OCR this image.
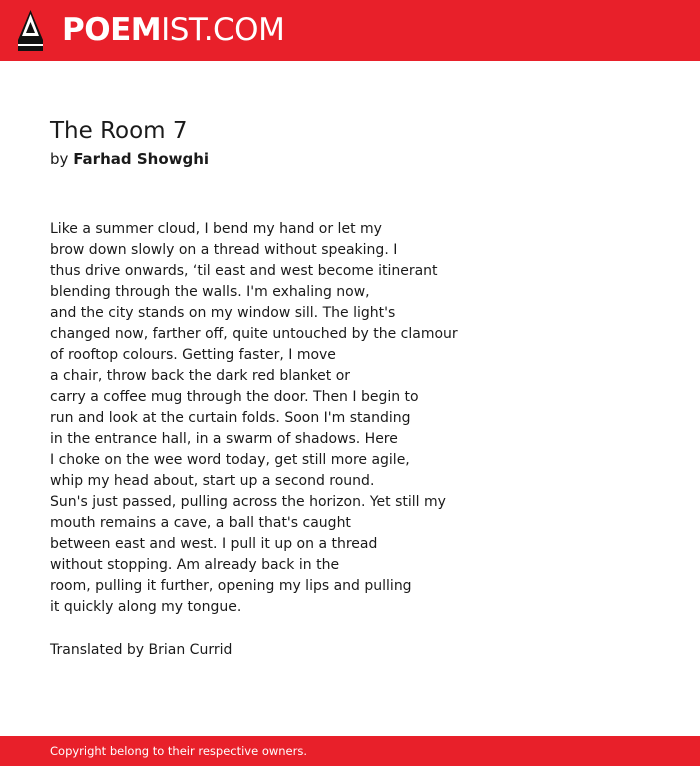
POEMIST.COM
The Room 7
by Farhad Showghi
Like a summer cloud, I bend my hand or let my
brow down slowly on a thread without speaking. I
thus drive onwards, ‘til east and west become itinerant
blending through the walls. I'm exhaling now,
and the city stands on my window sill. The light's
changed now, farther off, quite untouched by the clamour
of rooftop colours. Getting faster, I move
a chair, throw back the dark red blanket or
carry a coffee mug through the door. Then I begin to
run and look at the curtain folds. Soon I'm standing
in the entrance hall, in a swarm of shadows. Here
I choke on the wee word today, get still more agile,
whip my head about, start up a second round.
Sun's just passed, pulling across the horizon. Yet still my
mouth remains a cave, a ball that's caught
between east and west. I pull it up on a thread
without stopping. Am already back in the
room, pulling it further, opening my lips and pulling
it quickly along my tongue.
Translated by Brian Currid
Copyright belong to their respective owners.
